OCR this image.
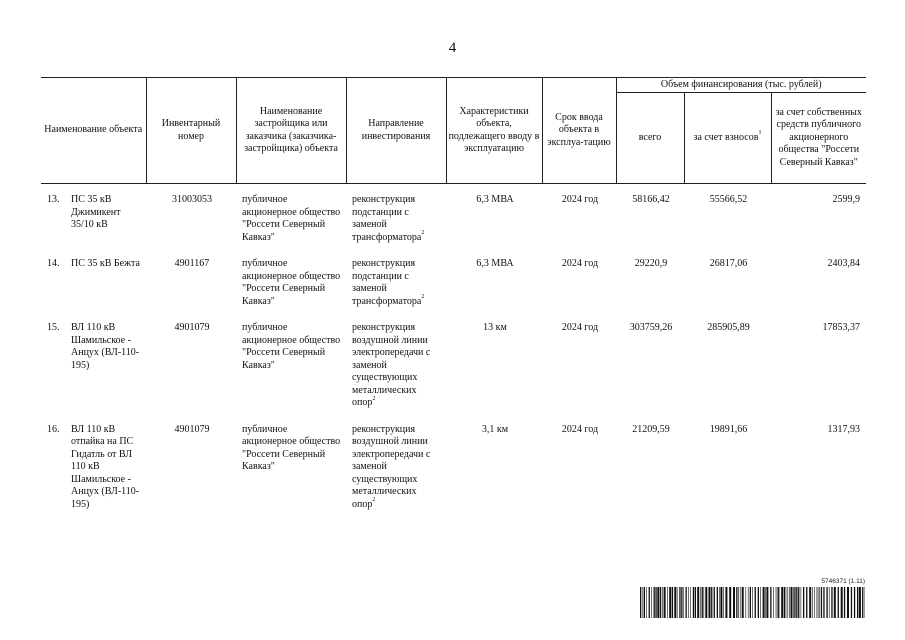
4
Наименование объекта	Инвентарный номер	Наименование застройщика или заказчика (заказчика-застройщика) объекта	Направление инвестирования	Характеристики объекта, подлежащего вводу в эксплуатацию	Срок ввода объекта в эксплуа-тацию	Объем финансирования (тыс. рублей)		
						всего	за счет взносов$^1$	за счет собственных средств публичного акционерного общества "Россети Северный Кавказ"

13. ПС 35 кВ Джимикент 35/10 кВ	31003053	публичное акционерное общество "Россети Северный Кавказ"	реконструкция подстанции с заменой трансформатора$^2$	6,3 МВА	2024 год	58166,42	55566,52	2599,9

14. ПС 35 кВ Бежта	4901167	публичное акционерное общество "Россети Северный Кавказ"	реконструкция подстанции с заменой трансформатора$^2$	6,3 МВА	2024 год	29220,9	26817,06	2403,84

15. ВЛ 110 кВ Шамильское - Анцух (ВЛ-110-195)	4901079	публичное акционерное общество "Россети Северный Кавказ"	реконструкция воздушной линии электропередачи с заменой существующих металлических опор$^2$	13 км	2024 год	303759,26	285905,89	17853,37

16. ВЛ 110 кВ отпайка на ПС Гидатль от ВЛ 110 кВ Шамильское - Анцух (ВЛ-110-195)	4901079	публичное акционерное общество "Россети Северный Кавказ"	реконструкция воздушной линии электропередачи с заменой существующих металлических опор$^2$	3,1 км	2024 год	21209,59	19891,66	1317,93
5746371 (1.11)
